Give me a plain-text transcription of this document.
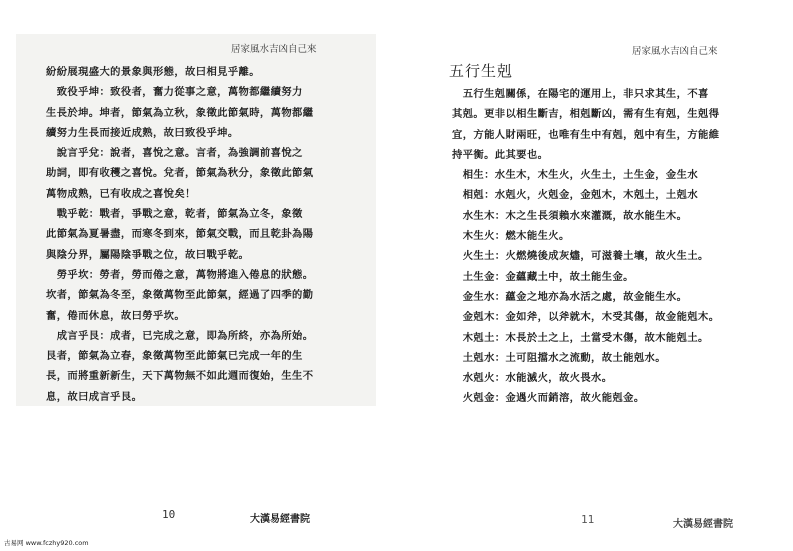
居家風水吉凶自己來
紛紛展現盛大的景象與形態，故曰相見乎離。
　致役乎坤：致役者，奮力從事之意，萬物都繼續努力
生長於坤。坤者，節氣為立秋，象徵此節氣時，萬物都繼
續努力生長而接近成熟，故曰致役乎坤。
　說言乎兌：說者，喜悅之意。言者，為強調前喜悅之
助詞，即有收穫之喜悅。兌者，節氣為秋分，象徵此節氣
萬物成熟，已有收成之喜悅矣！
　戰乎乾：戰者，爭戰之意，乾者，節氣為立冬，象徵
此節氣為夏暑盡，而寒冬到來，節氣交戰，而且乾卦為陽
與陰分界，屬陽陰爭戰之位，故曰戰乎乾。
　勞乎坎：勞者，勞而倦之意，萬物將進入倦息的狀態。
坎者，節氣為冬至，象徵萬物至此節氣，經過了四季的勤
奮，倦而休息，故曰勞乎坎。
　成言乎艮：成者，已完成之意，即為所終，亦為所始。
艮者，節氣為立春，象徵萬物至此節氣已完成一年的生
長，而將重新新生，天下萬物無不如此週而復始，生生不
息，故曰成言乎艮。
居家風水吉凶自己來
五行生剋
　五行生剋關係，在陽宅的運用上，非只求其生，不喜
其剋。更非以相生斷吉，相剋斷凶，需有生有剋，生剋得
宜，方能人財兩旺，也唯有生中有剋，剋中有生，方能維
持平衡。此其要也。
　相生：水生木，木生火，火生土，土生金，金生水
　相剋：水剋火，火剋金，金剋木，木剋土，土剋水
　水生木：木之生長須賴水來灌溉，故水能生木。
　木生火：燃木能生火。
　火生土：火燃燒後成灰燼，可滋養土壤，故火生土。
　土生金：金蘊藏土中，故土能生金。
　金生水：蘊金之地亦為水活之處，故金能生水。
　金剋木：金如斧，以斧就木，木受其傷，故金能剋木。
　木剋土：木長於土之上，土當受木傷，故木能剋土。
　土剋水：土可阻擋水之流動，故土能剋水。
　水剋火：水能滅火，故火畏水。
　火剋金：金遇火而銷溶，故火能剋金。
10	大漢易經書院	11	大漢易經書院
古易网 www.fczhy920.com
